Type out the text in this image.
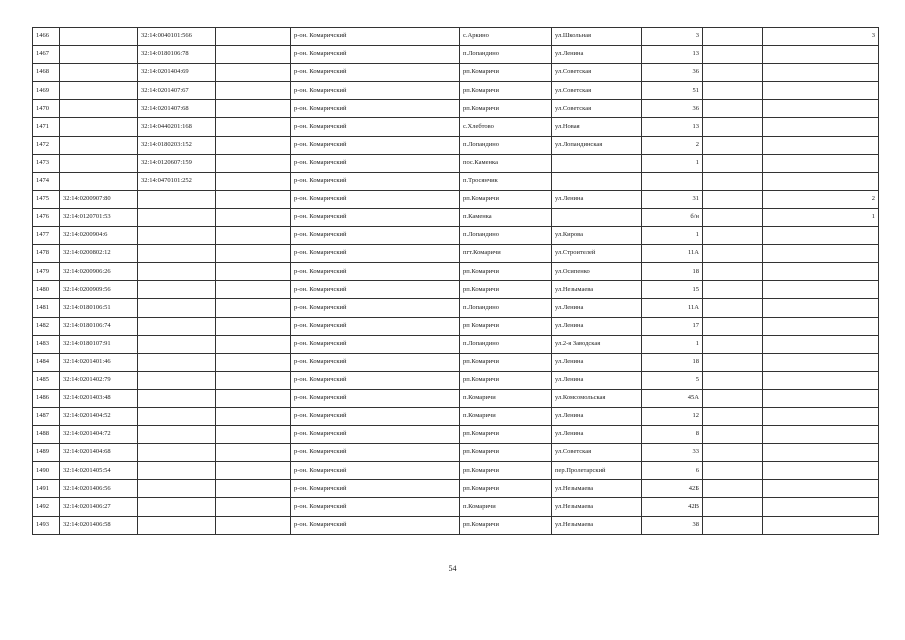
1466		32:14:0040101:566		р-он. Комаричский	с.Аркино	ул.Школьная	3		3
1467		32:14:0180106:78		р-он. Комаричский	п.Лопандино	ул.Ленина	13		
1468		32:14:0201404:69		р-он. Комаричский	рп.Комаричи	ул.Советская	36		
1469		32:14:0201407:67		р-он. Комаричский	рп.Комаричи	ул.Советская	51		
1470		32:14:0201407:68		р-он. Комаричский	рп.Комаричи	ул.Советская	36		
1471		32:14:0440201:168		р-он. Комаричский	с.Хлебтово	ул.Новая	13		
1472		32:14:0180203:152		р-он. Комаричский	п.Лопандино	ул.Лопандинская	2		
1473		32:14:0120607:159		р-он. Комаричский	пос.Каменка		1		
1474		32:14:0470101:252		р-он. Комаричский	п.Тросянчик				
1475	32:14:0200907:80			р-он. Комаричский	рп.Комаричи	ул.Ленина	31		2
1476	32:14:0120701:53			р-он. Комаричский	п.Каменка		б/н		1
1477	32:14:0200904:6			р-он. Комаричский	п.Лопандино	ул.Кирова	1		
1478	32:14:0200802:12			р-он. Комаричский	пгт.Комаричи	ул.Строителей	11А		
1479	32:14:0200906:26			р-он. Комаричский	рп.Комаричи	ул.Осипенко	18		
1480	32:14:0200909:56			р-он. Комаричский	рп.Комаричи	ул.Незымаева	15		
1481	32:14:0180106:51			р-он. Комаричский	п.Лопандино	ул.Ленина	11А		
1482	32:14:0180106:74			р-он. Комаричский	рп Комаричи	ул.Ленина	17		
1483	32:14:0180107:91			р-он. Комаричский	п.Лопандино	ул.2-я Заводская	1		
1484	32:14:0201401:46			р-он. Комаричский	рп.Комаричи	ул.Ленина	18		
1485	32:14:0201402:79			р-он. Комаричский	рп.Комаричи	ул.Ленина	5		
1486	32:14:0201403:48			р-он. Комаричский	п.Комаричи	ул.Комсомольская	45А		
1487	32:14:0201404:52			р-он. Комаричский	п.Комаричи	ул.Ленина	12		
1488	32:14:0201404:72			р-он. Комаричский	рп.Комаричи	ул.Ленина	8		
1489	32:14:0201404:68			р-он. Комаричский	рп.Комаричи	ул.Советская	33		
1490	32:14:0201405:54			р-он. Комаричский	рп.Комаричи	пер.Пролетарский	6		
1491	32:14:0201406:56			р-он. Комаричский	рп.Комаричи	ул.Незымаева	42Б		
1492	32:14:0201406:27			р-он. Комаричский	п.Комаричи	ул.Незымаева	42В		
1493	32:14:0201406:58			р-он. Комаричский	рп.Комаричи	ул.Незымаева	38		
54
